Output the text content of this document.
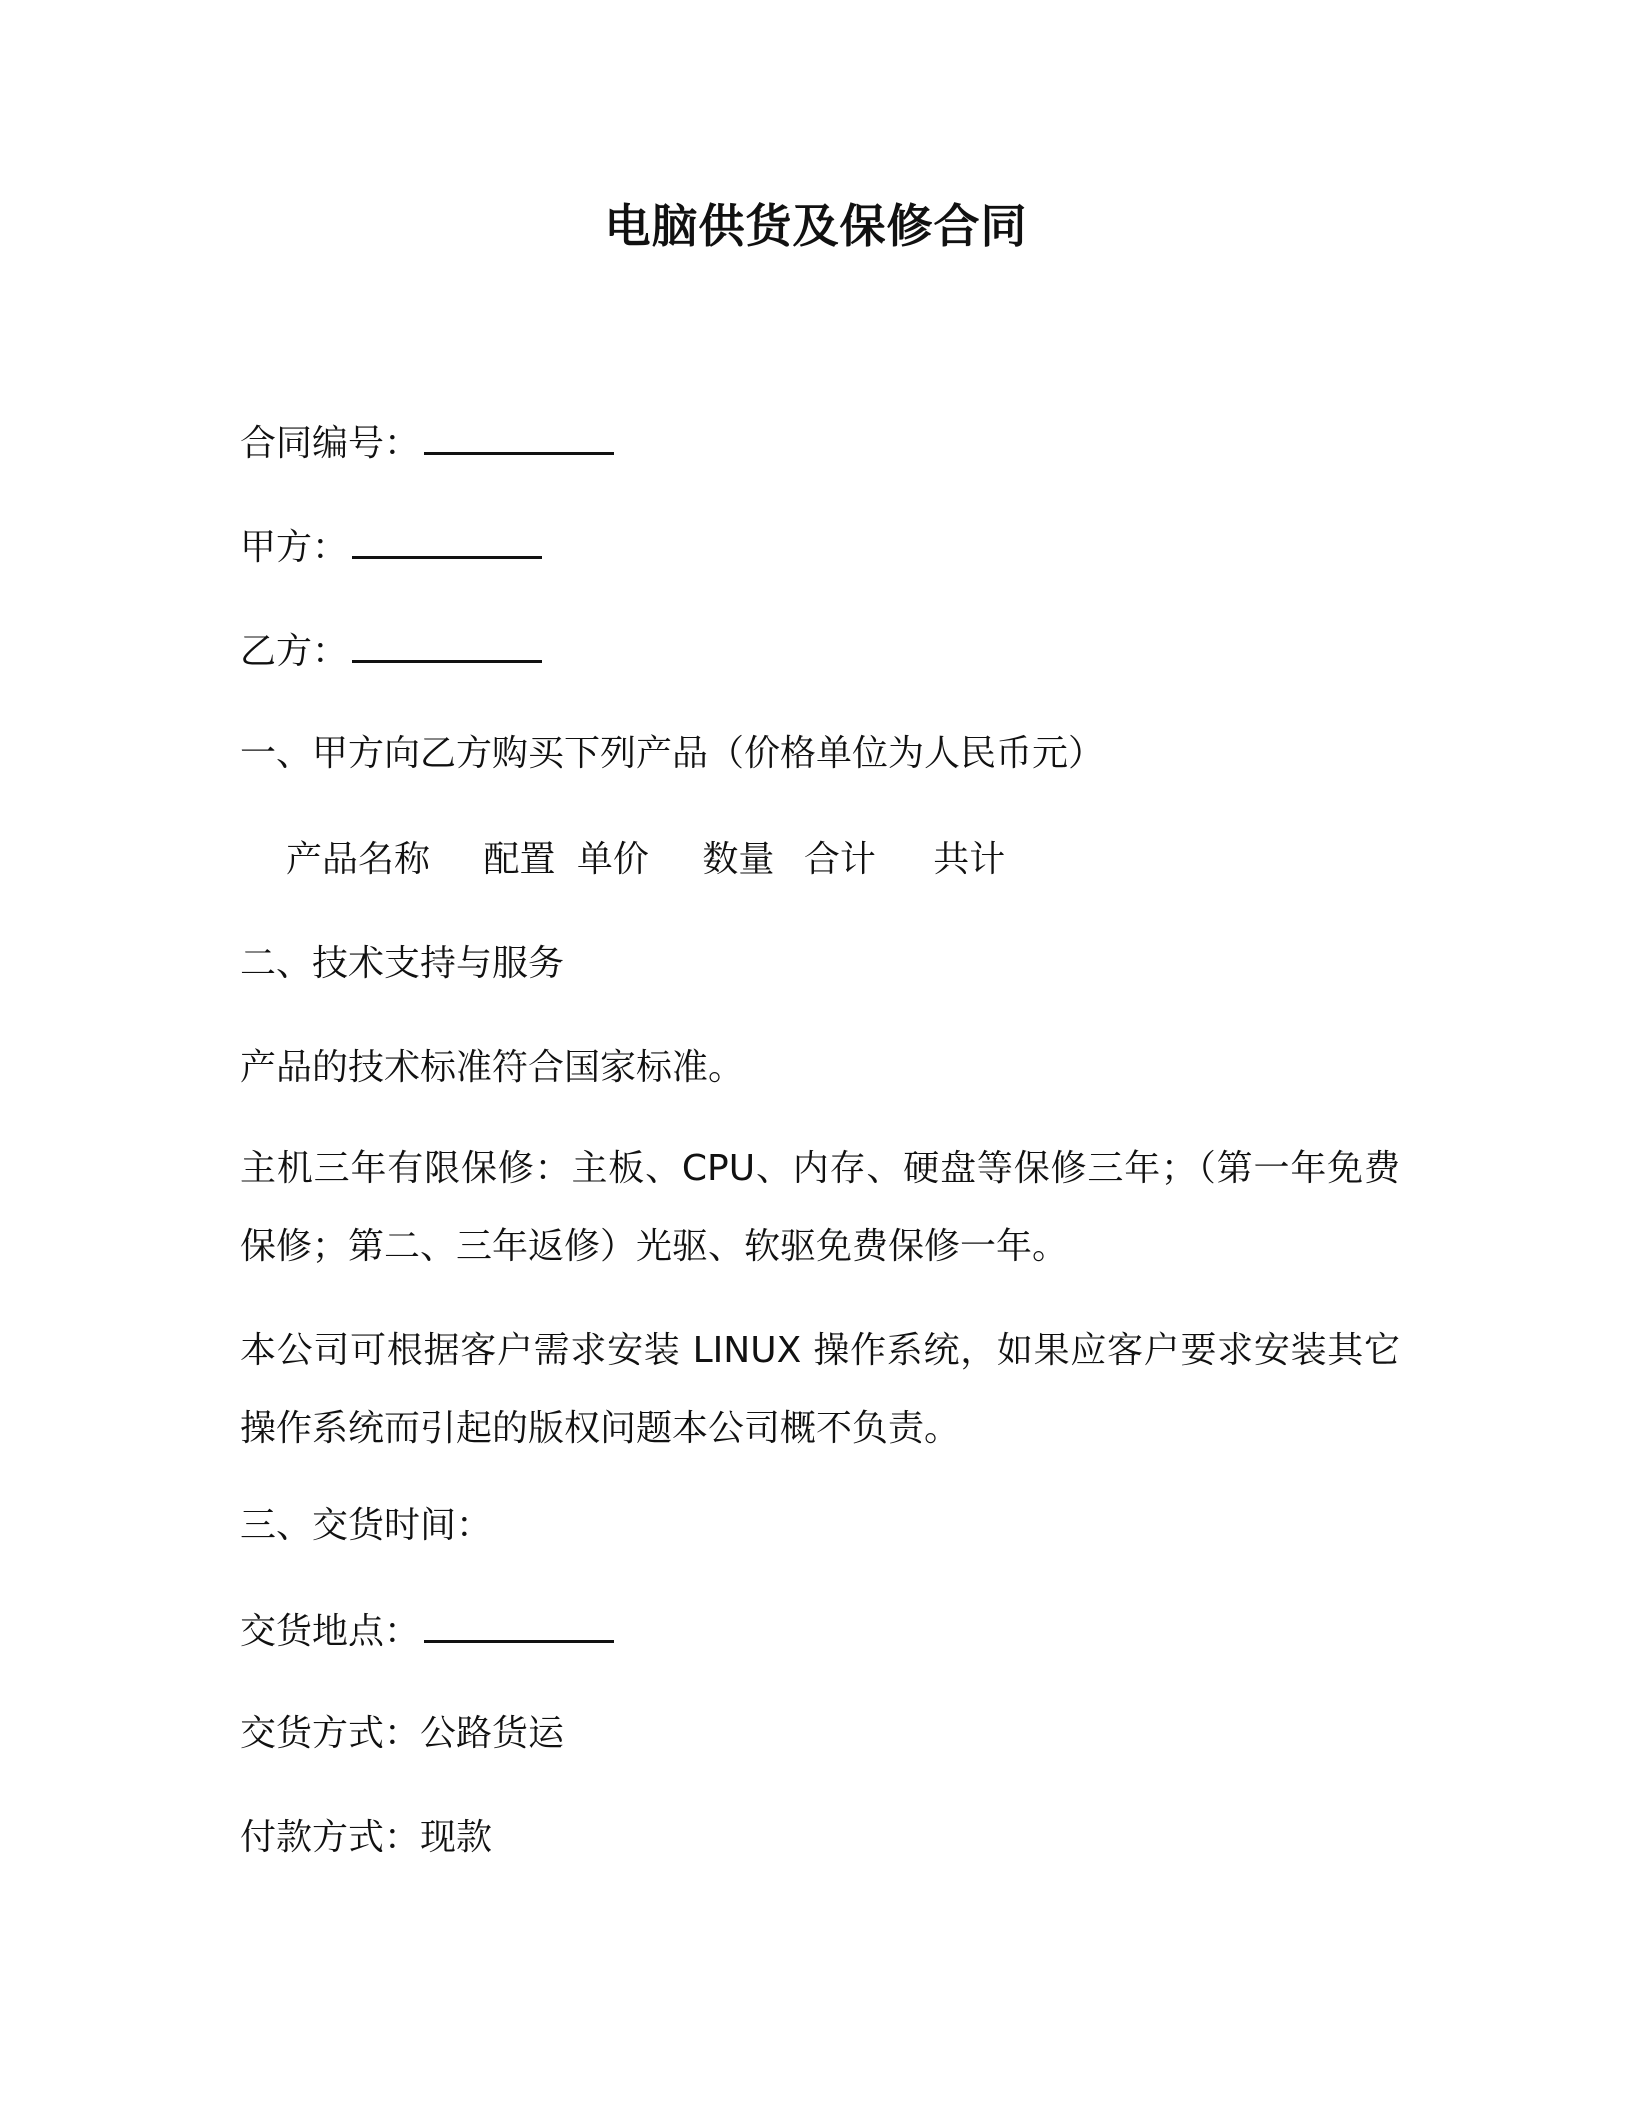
电脑供货及保修合同
合同编号：
甲方：
乙方：
一、甲方向乙方购买下列产品（价格单位为人民币元）
产品名称 配置 单价 数量 合计 共计
二、技术支持与服务
产品的技术标准符合国家标准。
主机三年有限保修：主板、CPU、内存、硬盘等保修三年；（第一年免费保修；第二、三年返修）光驱、软驱免费保修一年。
本公司可根据客户需求安装 LINUX 操作系统，如果应客户要求安装其它操作系统而引起的版权问题本公司概不负责。
三、交货时间：
交货地点：
交货方式：公路货运
付款方式：现款
